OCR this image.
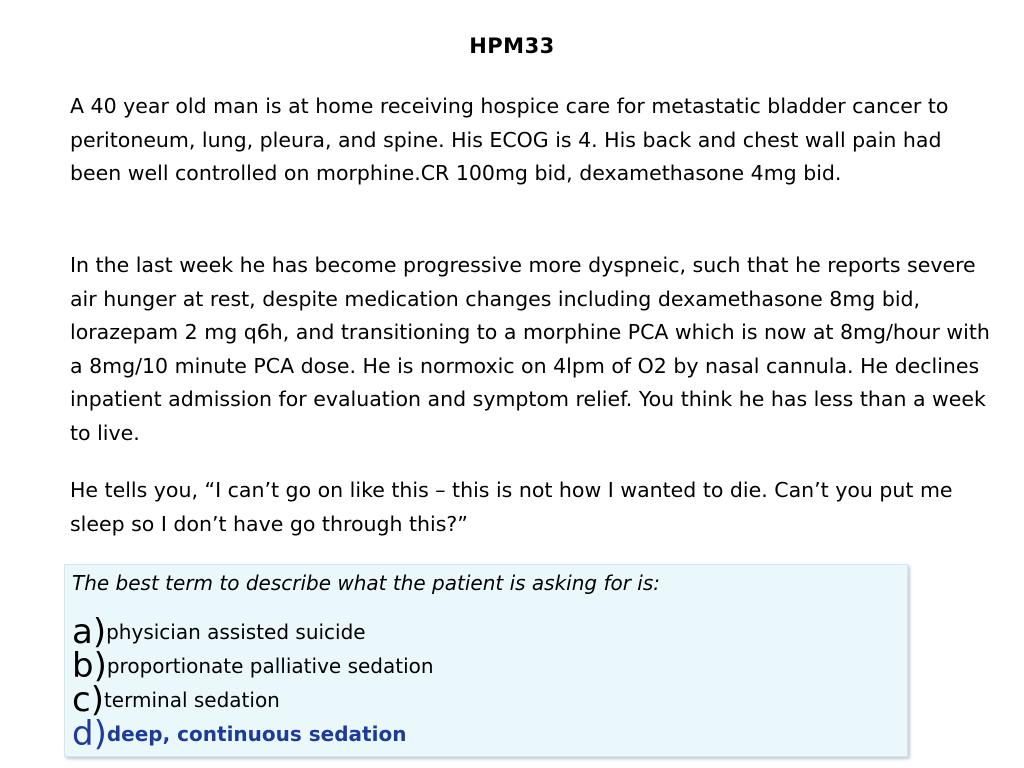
HPM33

A 40 year old man is at home receiving hospice care for metastatic bladder cancer to peritoneum, lung, pleura, and spine. His ECOG is 4. His back and chest wall pain had been well controlled on morphine.CR 100mg bid, dexamethasone 4mg bid.

In the last week he has become progressive more dyspneic, such that he reports severe air hunger at rest, despite medication changes including dexamethasone 8mg bid, lorazepam 2 mg q6h, and transitioning to a morphine PCA which is now at 8mg/hour with a 8mg/10 minute PCA dose. He is normoxic on 4lpm of O2 by nasal cannula. He declines inpatient admission for evaluation and symptom relief. You think he has less than a week to live.

He tells you, “I can’t go on like this – this is not how I wanted to die. Can’t you put me sleep so I don’t have go through this?”

The best term to describe what the patient is asking for is:
a) physician assisted suicide
b) proportionate palliative sedation
c) terminal sedation
d) deep, continuous sedation
